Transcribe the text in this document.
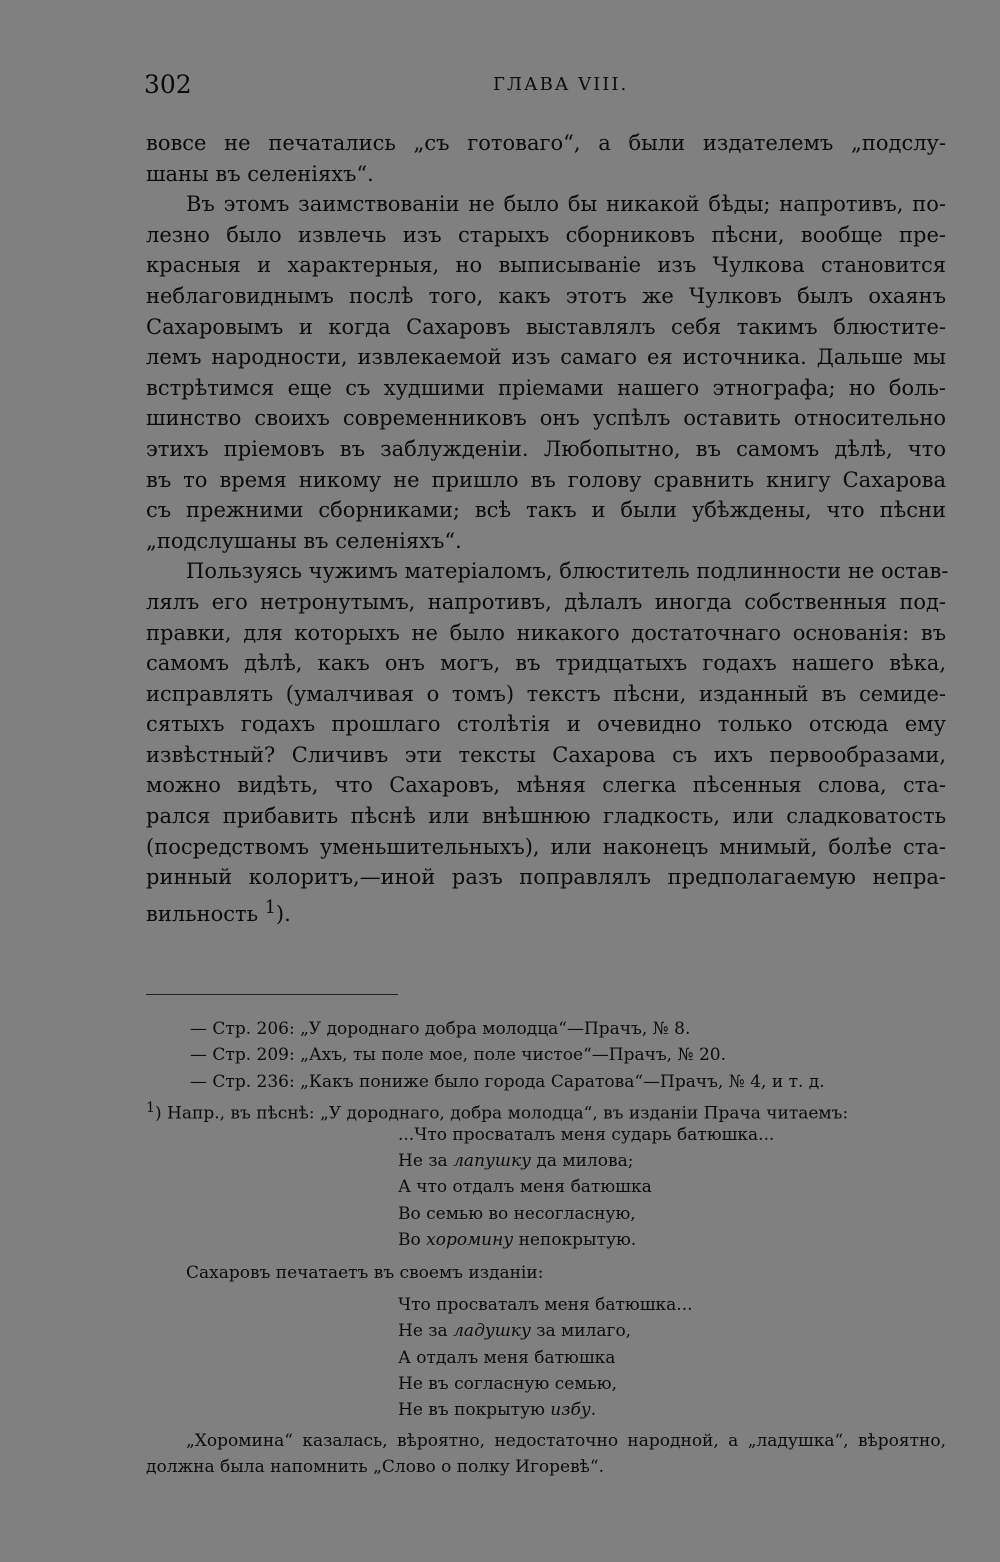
302	ГЛАВА VIII.
вовсе не печатались „съ готоваго“, а были издателемъ „подслу-
шаны въ селеніяхъ“.
Въ этомъ заимствованіи не было бы никакой бѣды; напротивъ, по-
лезно было извлечь изъ старыхъ сборниковъ пѣсни, вообще пре-
красныя и характерныя, но выписываніе изъ Чулкова становится
неблаговиднымъ послѣ того, какъ этотъ же Чулковъ былъ охаянъ
Сахаровымъ и когда Сахаровъ выставлялъ себя такимъ блюстите-
лемъ народности, извлекаемой изъ самаго ея источника. Дальше мы
встрѣтимся еще съ худшими пріемами нашего этнографа; но боль-
шинство своихъ современниковъ онъ успѣлъ оставить относительно
этихъ пріемовъ въ заблужденіи. Любопытно, въ самомъ дѣлѣ, что
въ то время никому не пришло въ голову сравнить книгу Сахарова
съ прежними сборниками; всѣ такъ и были убѣждены, что пѣсни
„подслушаны въ селеніяхъ“.
Пользуясь чужимъ матеріаломъ, блюститель подлинности не остав-
лялъ его нетронутымъ, напротивъ, дѣлалъ иногда собственныя под-
правки, для которыхъ не было никакого достаточнаго основанія: въ
самомъ дѣлѣ, какъ онъ могъ, въ тридцатыхъ годахъ нашего вѣка,
исправлять (умалчивая о томъ) текстъ пѣсни, изданный въ семиде-
сятыхъ годахъ прошлаго столѣтія и очевидно только отсюда ему
извѣстный? Сличивъ эти тексты Сахарова съ ихъ первообразами,
можно видѣть, что Сахаровъ, мѣняя слегка пѣсенныя слова, ста-
рался прибавить пѣснѣ или внѣшнюю гладкость, или сладковатость
(посредствомъ уменьшительныхъ), или наконецъ мнимый, болѣе ста-
ринный колоритъ,—иной разъ поправлялъ предполагаемую непра-
вильность $^1$).
— Стр. 206: „У дороднаго добра молодца“—Прачъ, № 8.
— Стр. 209: „Ахъ, ты поле мое, поле чистое“—Прачъ, № 20.
— Стр. 236: „Какъ пониже было города Саратова“—Прачъ, № 4, и т. д.
$^1$) Напр., въ пѣснѣ: „У дороднаго, добра молодца“, въ изданіи Прача читаемъ:
...Что просваталъ меня сударь батюшка...
Не за лапушку да милова;
А что отдалъ меня батюшка
Во семью во несогласную,
Во хоромину непокрытую.
Сахаровъ печатаетъ въ своемъ изданіи:
Что просваталъ меня батюшка...
Не за ладушку за милаго,
А отдалъ меня батюшка
Не въ согласную семью,
Не въ покрытую избу.
„Хоромина“ казалась, вѣроятно, недостаточно народной, а „ладушка“, вѣроятно,
должна была напомнить „Слово о полку Игоревѣ“.
